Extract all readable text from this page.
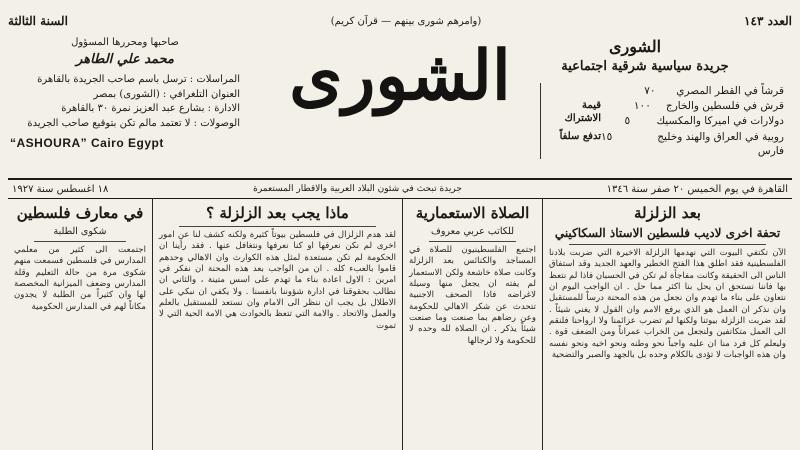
العدد ١٤٣
(وامرهم شورى بينهم — قرآن كريم)
السنة الثالثة
الشورى
جريدة سياسية شرقية اجتماعية
قرشاً في القطر المصري
٧٠
قرش في فلسطين والخارج
١٠٠
دولارات في اميركا والمكسيك
٥
روبية في العراق والهند وخليج فارس
١٥
قيمة الاشتراك
تدفع سلفاً
الشورى
صاحبها ومحررها المسؤول
محمد علي الطاهر
المراسلات : ترسل باسم صاحب الجريدة بالقاهرة
العنوان التلغرافي : (الشورى) بمصر
الادارة : بشارع عبد العزيز نمرة ٣٠ بالقاهرة
الوصولات : لا تعتمد مالم تكن بتوقيع صاحب الجريدة
“ASHOURA” Cairo Egypt
القاهرة في يوم الخميس ٢٠ صفر سنة ١٣٤٦
جريدة تبحث في شئون البلاد العربية والاقطار المستعمرة
١٨ اغسطس سنة ١٩٢٧
بعد الزلزلة
تحفة اخرى لاديب فلسطين الاستاذ السكاكيني
الآن تكتفي البيوت التي نهدمها الزلزلة الاخيرة التي ضربت بلادنا الفلسطينية فقد اطلق هذا الفتح الخطير والعهد الجديد وقد استفاق الناس الى الحقيقة وكانت مفاجأة لم تكن في الحسبان فاذا لم نتعظ بها فاننا نستحق ان يحل بنا اكثر مما حل . ان الواجب اليوم ان نتعاون على بناء ما تهدم وان نجعل من هذه المحنة درساً للمستقبل وان نذكر ان العمل هو الذي يرفع الامم وان القول لا يغني شيئاً . لقد ضربت الزلزلة بيوتنا ولكنها لم تضرب عزائمنا ولا ارواحنا فلنقم الى العمل متكاتفين ولنجعل من الخراب عمراناً ومن الضعف قوة . وليعلم كل فرد منا ان عليه واجباً نحو وطنه ونحو اخيه ونحو نفسه وان هذه الواجبات لا تؤدى بالكلام وحده بل بالجهد والصبر والتضحية
الصلاة الاستعمارية
للكاتب عربي معروف
اجتمع الفلسطينيون للصلاة في المساجد والكنائس بعد الزلزلة وكانت صلاة خاشعة ولكن الاستعمار لم يفته ان يجعل منها وسيلة لاغراضه فاذا الصحف الاجنبية تتحدث عن شكر الاهالي للحكومة وعن رضاهم بما صنعت وما صنعت شيئاً يذكر . ان الصلاة لله وحده لا للحكومة ولا لرجالها
ماذا يجب بعد الزلزلة ؟
لقد هدم الزلزال في فلسطين بيوتاً كثيرة ولكنه كشف لنا عن امور اخرى لم نكن نعرفها او كنا نعرفها ونتغافل عنها . فقد رأينا ان الحكومة لم تكن مستعدة لمثل هذه الكوارث وان الاهالي وحدهم قاموا بالعبء كله . ان من الواجب بعد هذه المحنة ان نفكر في امرين : الاول اعادة بناء ما تهدم على اسس متينة ، والثاني ان نطالب بحقوقنا في ادارة شؤوننا بانفسنا . ولا يكفي ان نبكي على الاطلال بل يجب ان ننظر الى الامام وان نستعد للمستقبل بالعلم والعمل والاتحاد . والامة التي تتعظ بالحوادث هي الامة الحية التي لا تموت
في معارف فلسطين
شكوى الطلبة
اجتمعت الى كثير من معلمي المدارس في فلسطين فسمعت منهم شكوى مرة من حالة التعليم وقلة المدارس وضعف الميزانية المخصصة لها وان كثيراً من الطلبة لا يجدون مكاناً لهم في المدارس الحكومية
